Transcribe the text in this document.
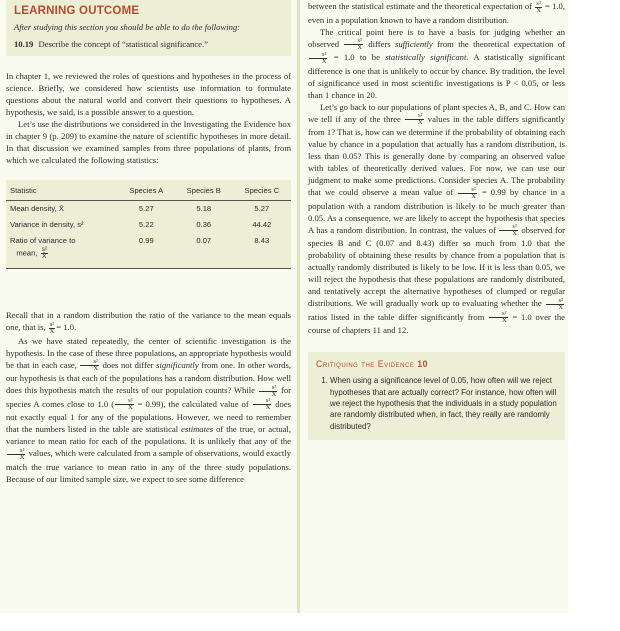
LEARNING OUTCOME
After studying this section you should be able to do the following:
10.19 Describe the concept of “statistical significance.”

In chapter 1, we reviewed the roles of questions and hypotheses in the process of science. Briefly, we considered how scientists use information to formulate questions about the natural world and convert their questions to hypotheses. A hypothesis, we said, is a possible answer to a question.

Let’s use the distributions we considered in the Investigating the Evidence box in chapter 9 (p. 209) to examine the nature of scientific hypotheses in more detail. In that discussion we examined samples from three populations of plants, from which we calculated the following statistics:

Statistic	Species A	Species B	Species C
Mean density, X̄	5.27	5.18	5.27
Variance in density, s²	5.22	0.36	44.42
Ratio of variance to
mean, $\frac{\text{s²}}{X̄}$	0.99	0.07	8.43

Recall that in a random distribution the ratio of the variance to the mean equals one, that is, $\frac{\text{s²}}{X̄} = 1.0$.

As we have stated repeatedly, the center of scientific investigation is the hypothesis. In the case of these three populations, an appropriate hypothesis would be that in each case, $\frac{\text{s²}}{X̄}$ does not differ significantly from one. In other words, our hypothesis is that each of the populations has a random distribution. How well does this hypothesis match the results of our population counts? While $\frac{\text{s²}}{X̄}$ for species A comes close to 1.0 ( $\frac{\text{s²}}{X̄} = 0.99$), the calculated value of $\frac{\text{s²}}{X̄}$ does not exactly equal 1 for any of the populations. However, we need to remember that the numbers listed in the table are statistical estimates of the true, or actual, variance to mean ratio for each of the populations. It is unlikely that any of the
$\frac{\text{s²}}{X̄}$ values, which were calculated from a sample of observations, would exactly match the true variance to mean ratio in any of the three study populations. Because of our limited sample size, we expect to see some difference

between the statistical estimate and the theoretical expectation of $\frac{\text{s²}}{X̄} = 1.0$, even in a population known to have a random distribution.

The critical point here is to have a basis for judging whether an observed $\frac{\text{s²}}{X̄}$ differs sufficiently from the theoretical expectation of
$\frac{\text{s²}}{X̄} = 1.0$ to be statistically significant. A statistically significant difference is one that is unlikely to occur by chance. By tradition, the level of significance used in most scientific investigations is P < 0.05, or less than 1 chance in 20.

Let’s go back to our populations of plant species A, B, and C. How can we tell if any of the three $\frac{\text{s²}}{X̄}$ values in the table differs significantly from 1? That is, how can we determine if the probability of obtaining each value by chance in a population that actually has a random distribution, is less than 0.05? This is generally done by comparing an observed value with tables of theoretically derived values. For now, we can use our judgment to make some predictions. Consider species A. The probability that we could observe a mean value of $\frac{\text{s²}}{X̄} = 0.99$ by chance in a population with a random distribution is likely to be much greater than 0.05. As a consequence, we are likely to accept the hypothesis that species A has a random distribution. In contrast, the values of $\frac{\text{s²}}{X̄}$ observed for species B and C (0.07 and 8.43) differ so much from 1.0 that the probability of obtaining these results by chance from a population that is actually randomly distributed is likely to be low. If it is less than 0.05, we will reject the hypothesis that these populations are randomly distributed, and tentatively accept the alternative hypotheses of clumped or regular distributions. We will gradually work up to evaluating whether the $\frac{\text{s²}}{X̄}$
ratios listed in the table differ significantly from $\frac{\text{s²}}{X̄} = 1.0$ over the course of chapters 11 and 12.

Critiquing the Evidence 10
1. When using a significance level of 0.05, how often will we reject hypotheses that are actually correct? For instance, how often will we reject the hypothesis that the individuals in a study population are randomly distributed when, in fact, they really are randomly distributed?
